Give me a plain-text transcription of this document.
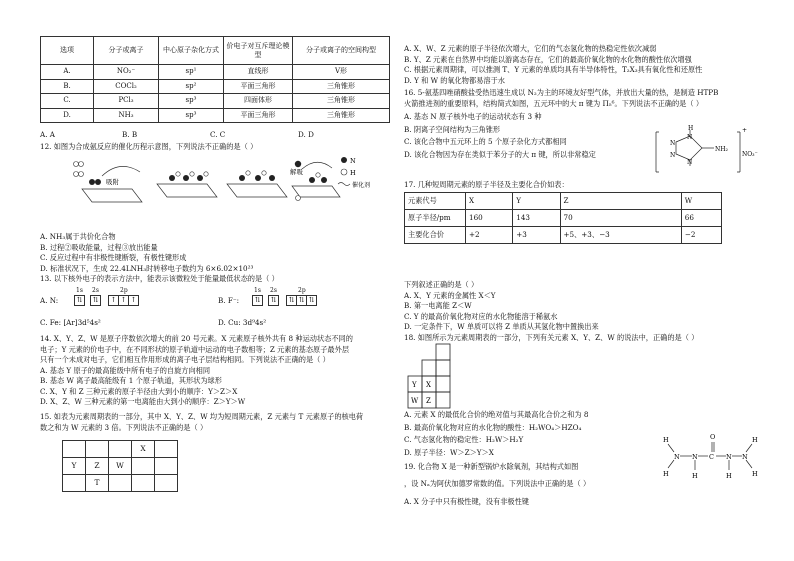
选项	分子或离子	中心原子杂化方式	价电子对互斥理论模型	分子或离子的空间构型
A.	NO₂⁻	sp¹	直线形	V形
B.	COCl₂	sp²	平面三角形	三角锥形
C.	PCl₃	sp³	四面体形	三角锥形
D.	NH₃	sp³	平面三角形	三角锥形
A. A	B. B	C. C	D. D
12. 如图为合成氨反应的催化历程示意图，下列说法不正确的是（ ）
吸附
解吸
N
H
催化剂
A. NH₃属于共价化合物
B. 过程②吸收能量，过程③放出能量
C. 反应过程中有非极性键断裂，有极性键形成
D. 标准状况下，生成 22.4LNH₃时转移电子数约为 6×6.02×10²³
13. 以下核外电子的表示方法中，能表示该微粒处于能量最低状态的是（ ）
A. N:
1s 2s	2p
⇅	⇅	↑ ↑ ↑	B. F⁻:
1s 2s	2p
⇅	⇅	⇅ ⇅ ⇅
C. Fe: [Ar]3d⁵4s²	D. Cu: 3d⁹4s²
14. X、Y、Z、W 是原子序数依次增大的前 20 号元素。X 元素原子核外共有 8 种运动状态不同的
电子；Y 元素的价电子中，在不同形状的原子轨道中运动的电子数相等；Z 元素的基态原子最外层
只有一个未成对电子，它们相互作用形成的离子电子层结构相同。下列说法不正确的是（ ）
A. 基态 Y 原子的最高能级中所有电子的自旋方向相同
B. 基态 W 离子最高能级有 1 个原子轨道，其形状为球形
C. X、Y 和 Z 三种元素的原子半径由大到小的顺序：Y＞Z＞X
D. X、Z、W 三种元素的第一电离能由大到小的顺序：Z＞Y＞W
15. 如表为元素周期表的一部分，其中 X、Y、Z、W 均为短周期元素，Z 元素与 T 元素原子的核电荷
数之和为 W 元素的 3 倍。下列说法不正确的是（ ）
			X	
Y	Z	W		
	T			
A. X、W、Z 元素的原子半径依次增大，它们的气态氢化物的热稳定性依次减弱
B. Y、Z 元素在自然界中均能以游离态存在，它们的最高价氧化物的水化物的酸性依次增强
C. 根据元素周期律，可以推测 T、Y 元素的单质均具有半导体特性，T₂X₃具有氧化性和还原性
D. Y 和 W 的氧化物都易溶于水
16. 5-氨基四唑硝酸盐受热迅速生成以 N₂为主的环境友好型气体，并放出大量的热，是制造 HTPB
火箭推进剂的重要原料，结构简式如图，五元环中的大 π 键为 Π₅⁶。下列说法不正确的是（ ）
A. 基态 N 原子核外电子的运动状态有 3 种
B. 阴离子空间结构为三角锥形
C. 该化合物中五元环上的 5 个原子杂化方式都相同
D. 该化合物因为存在类似于苯分子的大 π 键，所以非常稳定
H
N
N
N
N
NH₂
NO₃⁻
+
17. 几种短周期元素的原子半径及主要化合价如表：
元素代号	X	Y	Z	W
原子半径/pm	160	143	70	66
主要化合价	+2	+3	+5、+3、−3	−2
下列叙述正确的是（ ）
A. X、Y 元素的金属性 X＜Y
B. 第一电离能 Z＜W
C. Y 的最高价氧化物对应的水化物能溶于稀氨水
D. 一定条件下，W 单质可以将 Z 单质从其氢化物中置换出来
18. 如图所示为元素周期表的一部分，下列有关元素 X、Y、Z、W 的说法中，正确的是（ ）
Y X
W Z
A. 元素 X 的最低化合价的绝对值与其最高化合价之和为 8
B. 最高价氧化物对应的水化物的酸性：H₂WO₄＞HZO₄
C. 气态氢化物的稳定性：H₂W＞H₂Y
D. 原子半径：W＞Z＞Y＞X
19. 化合物 X 是一种新型锅炉水除氧剂，其结构式如图
，设 Nₐ为阿伏加德罗常数的值。下列说法中正确的是（ ）
A. X 分子中只有极性键，没有非极性键
H
N N C
O
N N
H	H	H
H
H
